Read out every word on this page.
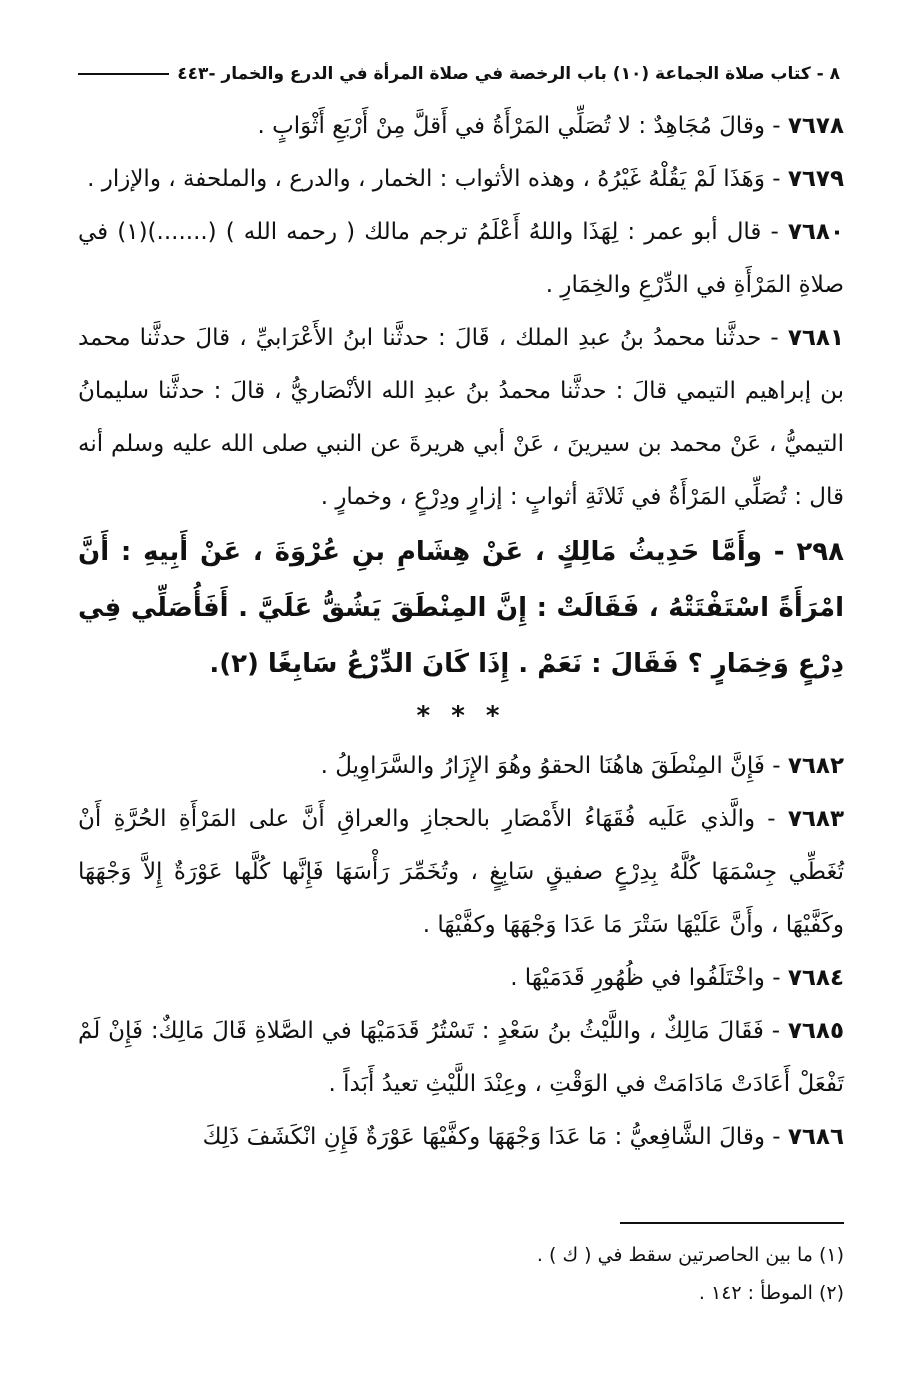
٨ - كتاب صلاة الجماعة (١٠) باب الرخصة في صلاة المرأة في الدرع والخمار -٤٤٣

٧٦٧٨ - وقالَ مُجَاهِدٌ : لا تُصَلِّي المَرْأَةُ في أَقلَّ مِنْ أَرْبَعِ أَثْوَابٍ .

٧٦٧٩ - وَهَذَا لَمْ يَقُلْهُ غَيْرُهُ ، وهذه الأثواب : الخمار ، والدرع ، والملحفة ، والإزار .

٧٦٨٠ - قال أبو عمر : لِهَذَا واللهُ أَعْلَمُ ترجم مالك ( رحمه الله ) (.......)(١) في صلاةِ المَرْأَةِ في الدِّرْعِ والخِمَارِ .

٧٦٨١ - حدثَّنا محمدُ بنُ عبدِ الملك ، قَالَ : حدثَّنا ابنُ الأَعْرَابيِّ ، قالَ حدثَّنا محمد بن إبراهيم التيمي قالَ : حدثَّنا محمدُ بنُ عبدِ الله الأنْصَاريُّ ، قالَ : حدثَّنا سليمانُ التيميُّ ، عَنْ محمد بن سيرينَ ، عَنْ أبي هريرةَ عن النبي صلى الله عليه وسلم أنه قال : تُصَلِّي المَرْأَةُ في ثَلاثَةِ أثوابٍ : إزارٍ ودِرْعٍ ، وخمارٍ .

٢٩٨ - وأَمَّا حَدِيثُ مَالِكٍ ، عَنْ هِشَامِ بنِ عُرْوَةَ ، عَنْ أَبِيهِ : أَنَّ امْرَأَةً اسْتَفْتَتْهُ ، فَقَالَتْ : إِنَّ المِنْطَقَ يَشُقُّ عَلَيَّ . أَفَأُصَلِّي فِي دِرْعٍ وَخِمَارٍ ؟ فَقَالَ : نَعَمْ . إِذَا كَانَ الدِّرْعُ سَابِغًا (٢).

* * *

٧٦٨٢ - فَإِنَّ المِنْطَقَ هاهُنَا الحقوُ وهُوَ الإِزَارُ والسَّرَاوِيلُ .

٧٦٨٣ - والَّذي عَلَيه فُقَهَاءُ الأَمْصَارِ بالحجازِ والعراقِ أَنَّ على المَرْأَةِ الحُرَّةِ أَنْ تُغَطِّي جِسْمَهَا كُلَّهُ بِدِرْعٍ صفيقٍ سَابِغٍ ، وتُخَمِّرَ رَأْسَهَا فَإِنَّها كُلَّها عَوْرَةٌ إِلاَّ وَجْهَهَا وكَفَّيْهَا ، وأَنَّ عَلَيْهَا سَتْرَ مَا عَدَا وَجْهَهَا وكفَّيْهَا .

٧٦٨٤ - واخْتَلَفُوا في ظُهُورِ قَدَمَيْهَا .

٧٦٨٥ - فَقَالَ مَالِكٌ ، واللَّيْثُ بنُ سَعْدٍ : تَسْتُرُ قَدَمَيْهَا في الصَّلاةِ قَالَ مَالِكٌ: فَإِنْ لَمْ تَفْعَلْ أَعَادَتْ مَادَامَتْ في الوَقْتِ ، وعِنْدَ اللَّيْثِ تعيدُ أَبَداً .

٧٦٨٦ - وقالَ الشَّافِعيُّ : مَا عَدَا وَجْهَهَا وكفَّيْهَا عَوْرَةٌ فَإِنِ انْكَشَفَ ذَلِكَ

(١) ما بين الحاصرتين سقط في ( ك ) .

(٢) الموطأ : ١٤٢ .
